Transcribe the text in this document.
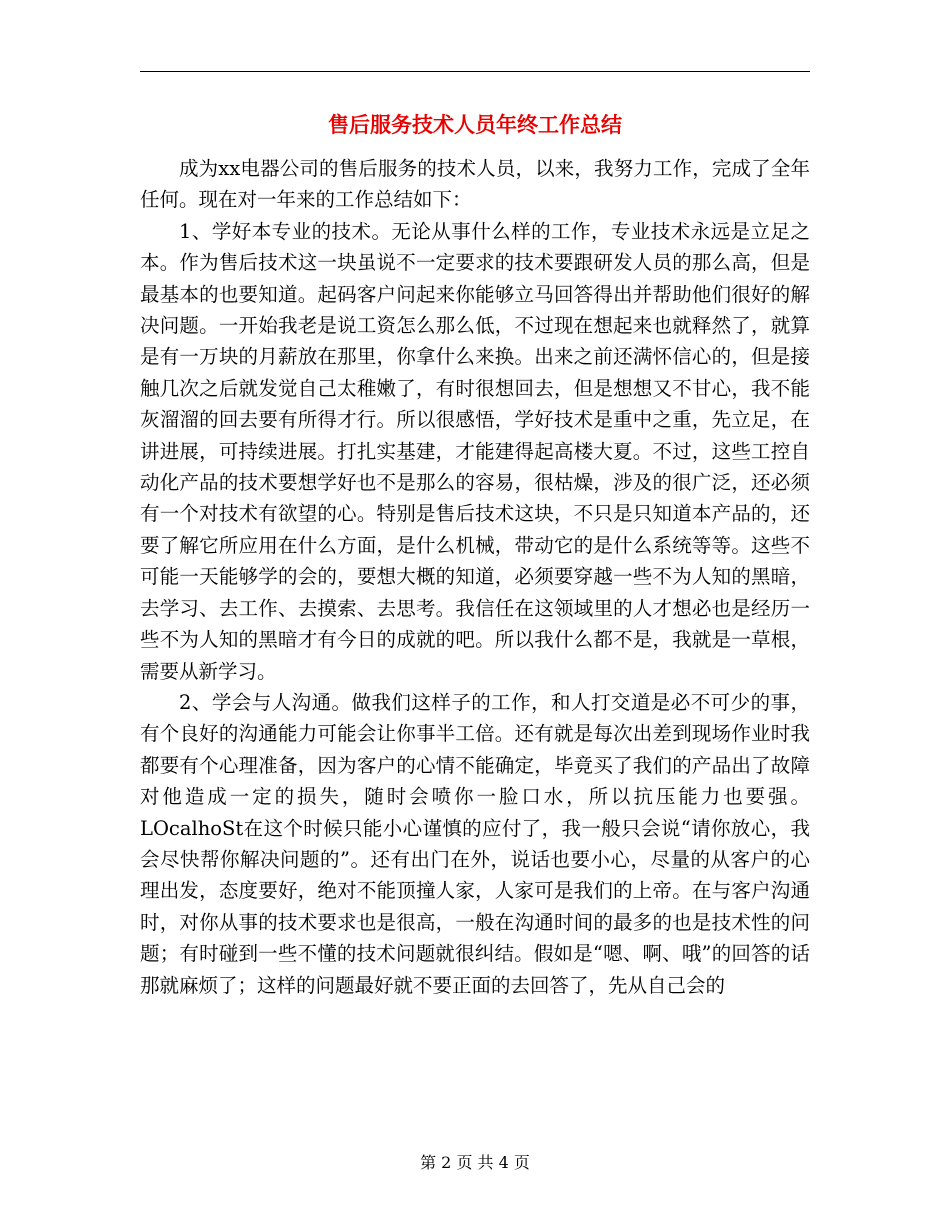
售后服务技术人员年终工作总结

成为xx电器公司的售后服务的技术人员，以来，我努力工作，完成了全年任何。现在对一年来的工作总结如下：

1、学好本专业的技术。无论从事什么样的工作，专业技术永远是立足之本。作为售后技术这一块虽说不一定要求的技术要跟研发人员的那么高，但是最基本的也要知道。起码客户问起来你能够立马回答得出并帮助他们很好的解决问题。一开始我老是说工资怎么那么低，不过现在想起来也就释然了，就算是有一万块的月薪放在那里，你拿什么来换。出来之前还满怀信心的，但是接触几次之后就发觉自己太稚嫩了，有时很想回去，但是想想又不甘心，我不能灰溜溜的回去要有所得才行。所以很感悟，学好技术是重中之重，先立足，在讲进展，可持续进展。打扎实基建，才能建得起高楼大夏。不过，这些工控自动化产品的技术要想学好也不是那么的容易，很枯燥，涉及的很广泛，还必须有一个对技术有欲望的心。特别是售后技术这块，不只是只知道本产品的，还要了解它所应用在什么方面，是什么机械，带动它的是什么系统等等。这些不可能一天能够学的会的，要想大概的知道，必须要穿越一些不为人知的黑暗，去学习、去工作、去摸索、去思考。我信任在这领域里的人才想必也是经历一些不为人知的黑暗才有今日的成就的吧。所以我什么都不是，我就是一草根，需要从新学习。

2、学会与人沟通。做我们这样子的工作，和人打交道是必不可少的事，有个良好的沟通能力可能会让你事半工倍。还有就是每次出差到现场作业时我都要有个心理准备，因为客户的心情不能确定，毕竟买了我们的产品出了故障对他造成一定的损失，随时会喷你一脸口水，所以抗压能力也要强。LOcalhoSt在这个时候只能小心谨慎的应付了，我一般只会说“请你放心，我会尽快帮你解决问题的”。还有出门在外，说话也要小心，尽量的从客户的心理出发，态度要好，绝对不能顶撞人家，人家可是我们的上帝。在与客户沟通时，对你从事的技术要求也是很高，一般在沟通时间的最多的也是技术性的问题；有时碰到一些不懂的技术问题就很纠结。假如是“嗯、啊、哦”的回答的话那就麻烦了；这样的问题最好就不要正面的去回答了，先从自己会的

第 2 页 共 4 页
